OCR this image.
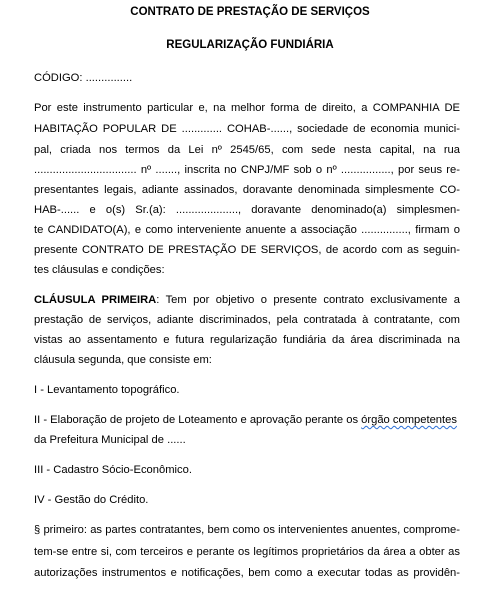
CONTRATO DE PRESTAÇÃO DE SERVIÇOS
REGULARIZAÇÃO FUNDIÁRIA
CÓDIGO: ...............
Por este instrumento particular e, na melhor forma de direito, a COMPANHIA DE
HABITAÇÃO POPULAR DE ............. COHAB-......, sociedade de economia munici-
pal, criada nos termos da Lei nº 2545/65, com sede nesta capital, na rua
................................. nº ......., inscrita no CNPJ/MF sob o nº ................, por seus re-
presentantes legais, adiante assinados, doravante denominada simplesmente CO-
HAB-...... e o(s) Sr.(a): ...................., doravante denominado(a) simplesmen-
te CANDIDATO(A), e como interveniente anuente a associação ..............., firmam o
presente CONTRATO DE PRESTAÇÃO DE SERVIÇOS, de acordo com as seguin-
tes cláusulas e condições:
CLÁUSULA PRIMEIRA: Tem por objetivo o presente contrato exclusivamente a
prestação de serviços, adiante discriminados, pela contratada à contratante, com
vistas ao assentamento e futura regularização fundiária da área discriminada na
cláusula segunda, que consiste em:
I - Levantamento topográfico.
II - Elaboração de projeto de Loteamento e aprovação perante os órgão competentes
da Prefeitura Municipal de ......
III - Cadastro Sócio-Econômico.
IV - Gestão do Crédito.
§ primeiro: as partes contratantes, bem como os intervenientes anuentes, comprome-
tem-se entre si, com terceiros e perante os legítimos proprietários da área a obter as
autorizações instrumentos e notificações, bem como a executar todas as providên-
